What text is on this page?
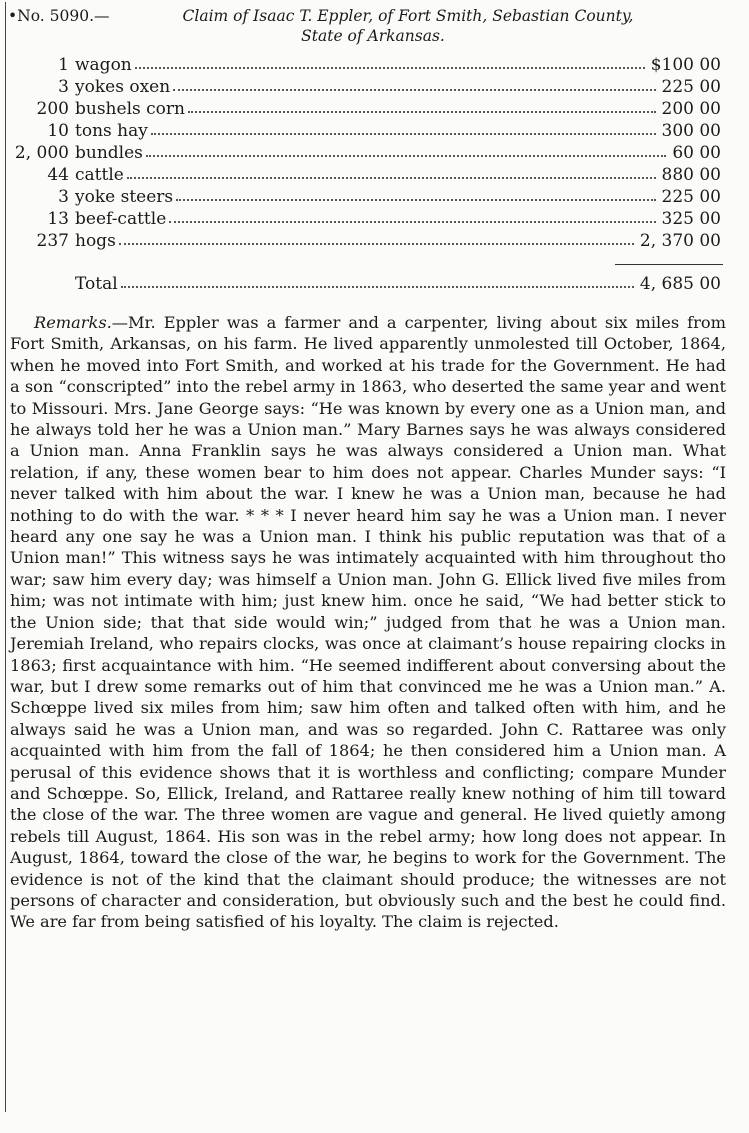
•No. 5090.—	Claim of Isaac T. Eppler, of Fort Smith, Sebastian County,
State of Arkansas.
1 wagon	$100 00
3 yokes oxen	225 00
200 bushels corn	200 00
10 tons hay	300 00
2, 000 bundles	60 00
44 cattle	880 00
3 yoke steers	225 00
13 beef-cattle	325 00
237 hogs	2, 370 00
Total	4, 685 00
Remarks.—Mr. Eppler was a farmer and a carpenter, living about six miles from Fort Smith, Arkansas, on his farm. He lived apparently unmolested till October, 1864, when he moved into Fort Smith, and worked at his trade for the Government. He had a son “conscripted” into the rebel army in 1863, who deserted the same year and went to Missouri. Mrs. Jane George says: “He was known by every one as a Union man, and he always told her he was a Union man.” Mary Barnes says he was always considered a Union man. Anna Franklin says he was always considered a Union man. What relation, if any, these women bear to him does not appear. Charles Munder says: “I never talked with him about the war. I knew he was a Union man, because he had nothing to do with the war. * * * I never heard him say he was a Union man. I never heard any one say he was a Union man. I think his public reputation was that of a Union man!” This witness says he was intimately acquainted with him throughout tho war; saw him every day; was himself a Union man. John G. Ellick lived five miles from him; was not intimate with him; just knew him. once he said, “We had better stick to the Union side; that that side would win;” judged from that he was a Union man. Jeremiah Ireland, who repairs clocks, was once at claimant’s house repairing clocks in 1863; first acquaintance with him. “He seemed indifferent about conversing about the war, but I drew some remarks out of him that convinced me he was a Union man.” A. Schœppe lived six miles from him; saw him often and talked often with him, and he always said he was a Union man, and was so regarded. John C. Rattaree was only acquainted with him from the fall of 1864; he then considered him a Union man. A perusal of this evidence shows that it is worthless and conflicting; compare Munder and Schœppe. So, Ellick, Ireland, and Rattaree really knew nothing of him till toward the close of the war. The three women are vague and general. He lived quietly among rebels till August, 1864. His son was in the rebel army; how long does not appear. In August, 1864, toward the close of the war, he begins to work for the Government. The evidence is not of the kind that the claimant should produce; the witnesses are not persons of character and consideration, but obviously such and the best he could find. We are far from being satisfied of his loyalty. The claim is rejected.
